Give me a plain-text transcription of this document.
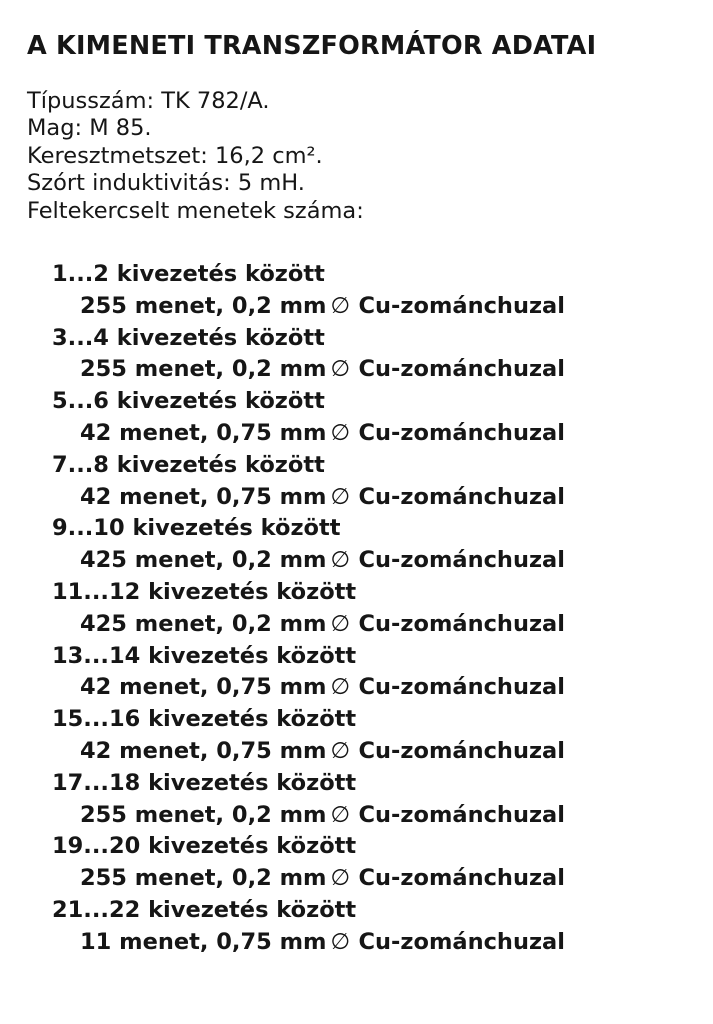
A KIMENETI TRANSZFORMÁTOR ADATAI
Típusszám: TK 782/A.
Mag: M 85.
Keresztmetszet: 16,2 cm².
Szórt induktivitás: 5 mH.
Feltekercselt menetek száma:
1...2 kivezetés között
255 menet, 0,2 mm ∅ Cu-zománchuzal
3...4 kivezetés között
255 menet, 0,2 mm ∅ Cu-zománchuzal
5...6 kivezetés között
42 menet, 0,75 mm ∅ Cu-zománchuzal
7...8 kivezetés között
42 menet, 0,75 mm ∅ Cu-zománchuzal
9...10 kivezetés között
425 menet, 0,2 mm ∅ Cu-zománchuzal
11...12 kivezetés között
425 menet, 0,2 mm ∅ Cu-zománchuzal
13...14 kivezetés között
42 menet, 0,75 mm ∅ Cu-zománchuzal
15...16 kivezetés között
42 menet, 0,75 mm ∅ Cu-zománchuzal
17...18 kivezetés között
255 menet, 0,2 mm ∅ Cu-zománchuzal
19...20 kivezetés között
255 menet, 0,2 mm ∅ Cu-zománchuzal
21...22 kivezetés között
11 menet, 0,75 mm ∅ Cu-zománchuzal
